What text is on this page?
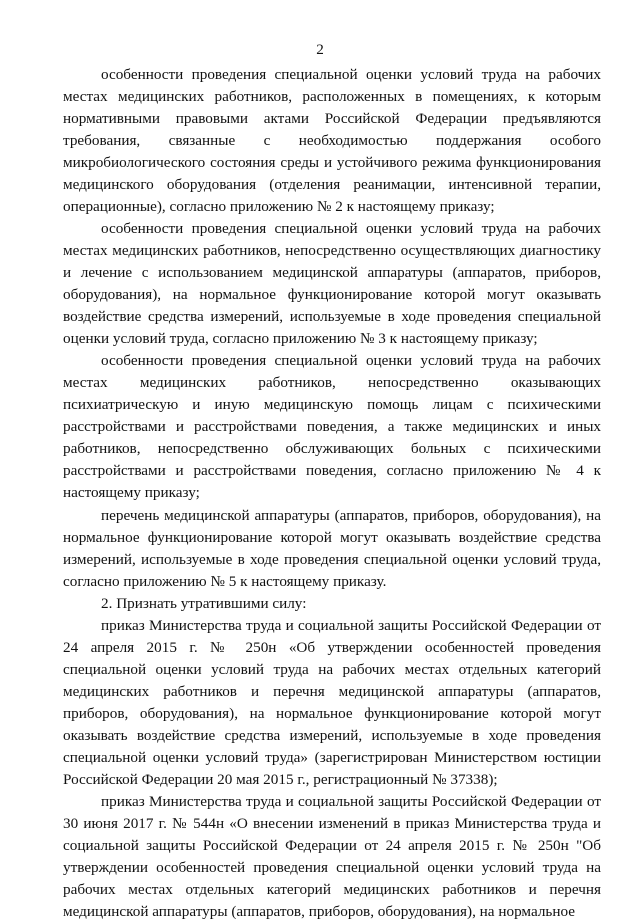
2

особенности проведения специальной оценки условий труда на рабочих местах медицинских работников, расположенных в помещениях, к которым нормативными правовыми актами Российской Федерации предъявляются требования, связанные с необходимостью поддержания особого микробиологического состояния среды и устойчивого режима функционирования медицинского оборудования (отделения реанимации, интенсивной терапии, операционные), согласно приложению № 2 к настоящему приказу;

особенности проведения специальной оценки условий труда на рабочих местах медицинских работников, непосредственно осуществляющих диагностику и лечение с использованием медицинской аппаратуры (аппаратов, приборов, оборудования), на нормальное функционирование которой могут оказывать воздействие средства измерений, используемые в ходе проведения специальной оценки условий труда, согласно приложению № 3 к настоящему приказу;

особенности проведения специальной оценки условий труда на рабочих местах медицинских работников, непосредственно оказывающих психиатрическую и иную медицинскую помощь лицам с психическими расстройствами и расстройствами поведения, а также медицинских и иных работников, непосредственно обслуживающих больных с психическими расстройствами и расстройствами поведения, согласно приложению № 4 к настоящему приказу;

перечень медицинской аппаратуры (аппаратов, приборов, оборудования), на нормальное функционирование которой могут оказывать воздействие средства измерений, используемые в ходе проведения специальной оценки условий труда, согласно приложению № 5 к настоящему приказу.

2. Признать утратившими силу:

приказ Министерства труда и социальной защиты Российской Федерации от 24 апреля 2015 г. № 250н «Об утверждении особенностей проведения специальной оценки условий труда на рабочих местах отдельных категорий медицинских работников и перечня медицинской аппаратуры (аппаратов, приборов, оборудования), на нормальное функционирование которой могут оказывать воздействие средства измерений, используемые в ходе проведения специальной оценки условий труда» (зарегистрирован Министерством юстиции Российской Федерации 20 мая 2015 г., регистрационный № 37338);

приказ Министерства труда и социальной защиты Российской Федерации от 30 июня 2017 г. № 544н «О внесении изменений в приказ Министерства труда и социальной защиты Российской Федерации от 24 апреля 2015 г. № 250н "Об утверждении особенностей проведения специальной оценки условий труда на рабочих местах отдельных категорий медицинских работников и перечня медицинской аппаратуры (аппаратов, приборов, оборудования), на нормальное
